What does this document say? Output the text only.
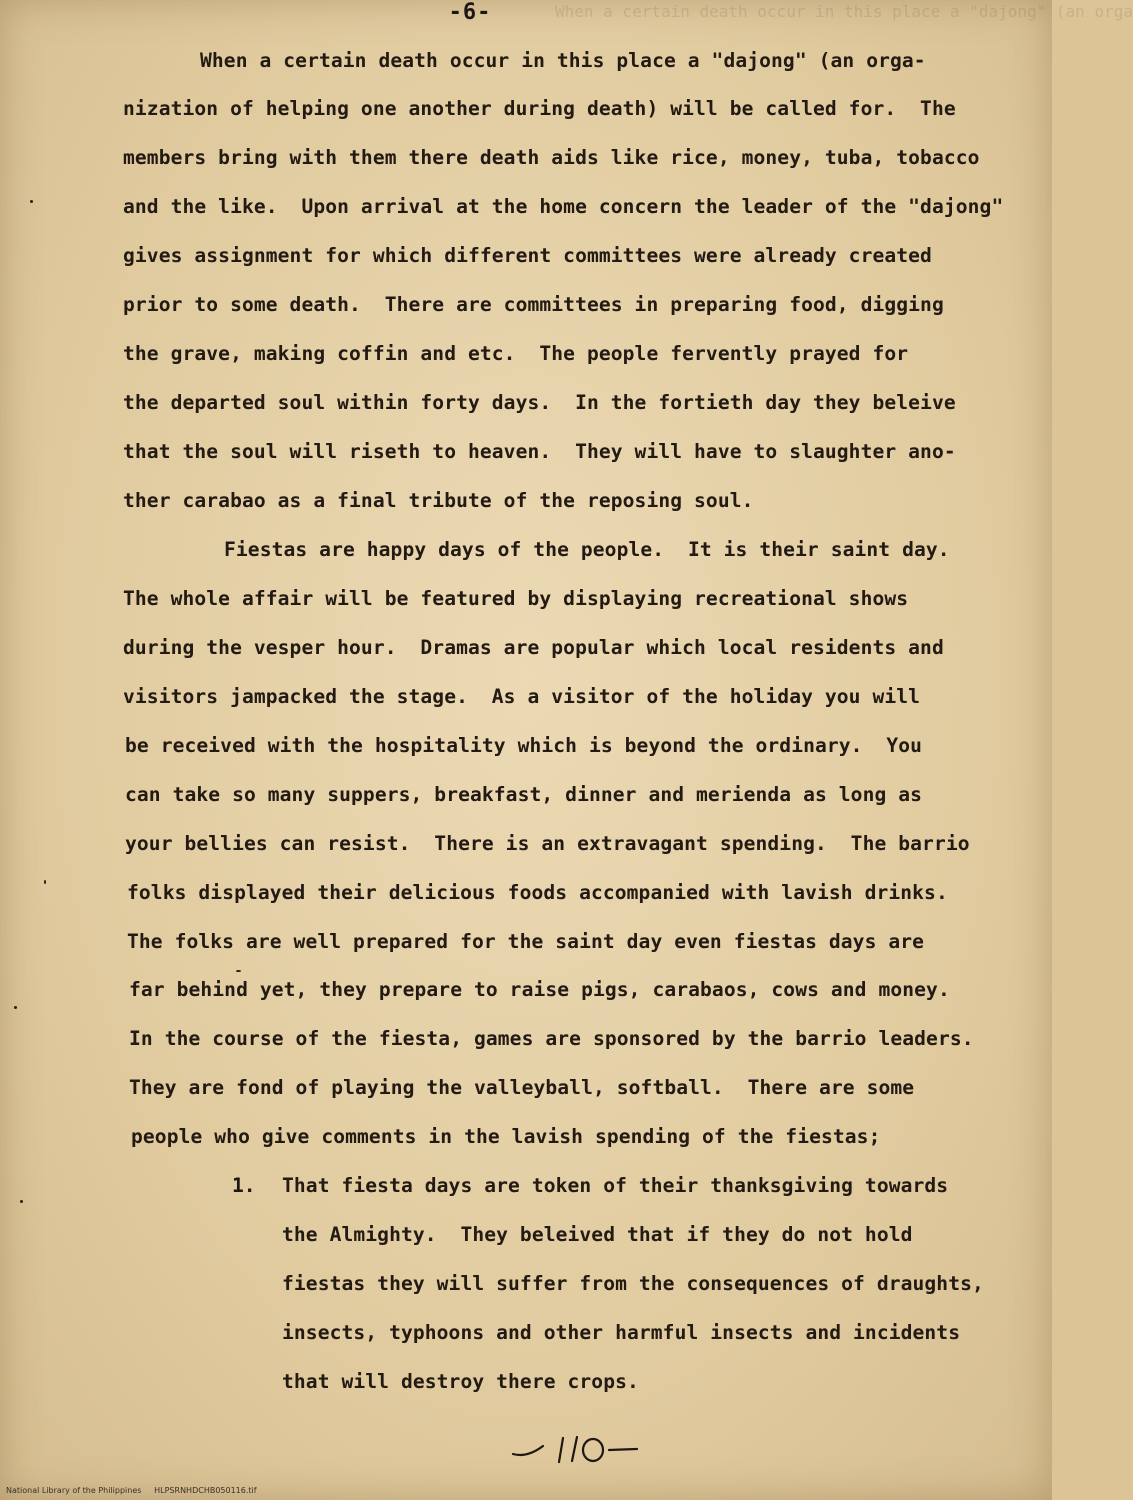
When a certain death occur in this place a "dajong" (an orga
-6-
When a certain death occur in this place a "dajong" (an orga-
nization of helping one another during death) will be called for.  The
members bring with them there death aids like rice, money, tuba, tobacco
and the like.  Upon arrival at the home concern the leader of the "dajong"
gives assignment for which different committees were already created
prior to some death.  There are committees in preparing food, digging
the grave, making coffin and etc.  The people fervently prayed for
the departed soul within forty days.  In the fortieth day they beleive
that the soul will riseth to heaven.  They will have to slaughter ano-
ther carabao as a final tribute of the reposing soul.
Fiestas are happy days of the people.  It is their saint day.
The whole affair will be featured by displaying recreational shows
during the vesper hour.  Dramas are popular which local residents and
visitors jampacked the stage.  As a visitor of the holiday you will
be received with the hospitality which is beyond the ordinary.  You
can take so many suppers, breakfast, dinner and merienda as long as
your bellies can resist.  There is an extravagant spending.  The barrio
folks displayed their delicious foods accompanied with lavish drinks.
The folks are well prepared for the saint day even fiestas days are
far behind yet, they prepare to raise pigs, carabaos, cows and money.
In the course of the fiesta, games are sponsored by the barrio leaders.
They are fond of playing the valleyball, softball.  There are some
people who give comments in the lavish spending of the fiestas;
1. That fiesta days are token of their thanksgiving towards
the Almighty.  They beleived that if they do not hold
fiestas they will suffer from the consequences of draughts,
insects, typhoons and other harmful insects and incidents
that will destroy there crops.
National Library of the Philippines     HLPSRNHDCHB050116.tif
